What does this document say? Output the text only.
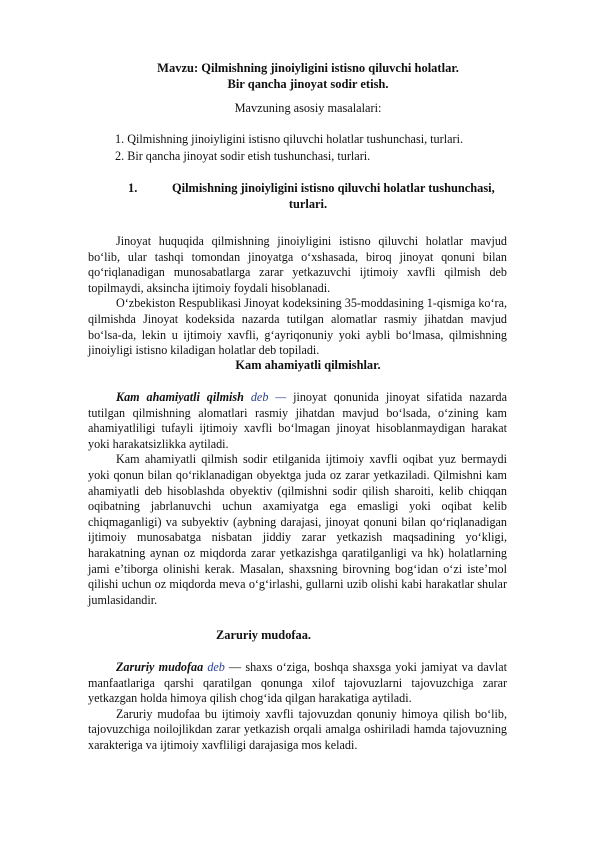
Mavzu: Qilmishning jinoiyligini istisno qiluvchi holatlar.
Bir qancha jinoyat sodir etish.
Mavzuning asosiy masalalari:
1. Qilmishning jinoiyligini istisno qiluvchi holatlar tushunchasi, turlari.
2. Bir qancha jinoyat sodir etish tushunchasi, turlari.
1.	Qilmishning jinoiyligini istisno qiluvchi holatlar tushunchasi,
turlari.

Jinoyat huquqida qilmishning jinoiyligini istisno qiluvchi holatlar mavjud bo‘lib, ular tashqi tomondan jinoyatga o‘xshasada, biroq jinoyat qonuni bilan qo‘riqlanadigan munosabatlarga zarar yetkazuvchi ijtimoiy xavfli qilmish deb topilmaydi, aksincha ijtimoiy foydali hisoblanadi.

O‘zbekiston Respublikasi Jinoyat kodeksining 35-moddasining 1-qismiga ko‘ra, qilmishda Jinoyat kodeksida nazarda tutilgan alomatlar rasmiy jihatdan mavjud bo‘lsa-da, lekin u ijtimoiy xavfli, g‘ayriqonuniy yoki aybli bo‘lmasa, qilmishning jinoiyligi istisno kiladigan holatlar deb topiladi.

Kam ahamiyatli qilmishlar.

Kam ahamiyatli qilmish deb — jinoyat qonunida jinoyat sifatida nazarda tutilgan qilmishning alomatlari rasmiy jihatdan mavjud bo‘lsada, o‘zining kam ahamiyatliligi tufayli ijtimoiy xavfli bo‘lmagan jinoyat hisoblanmaydigan harakat yoki harakatsizlikka aytiladi.

Kam ahamiyatli qilmish sodir etilganida ijtimoiy xavfli oqibat yuz bermaydi yoki qonun bilan qo‘riklanadigan obyektga juda oz zarar yetkaziladi. Qilmishni kam ahamiyatli deb hisoblashda obyektiv (qilmishni sodir qilish sharoiti, kelib chiqqan oqibatning jabrlanuvchi uchun axamiyatga ega emasligi yoki oqibat kelib chiqmaganligi) va subyektiv (aybning darajasi, jinoyat qonuni bilan qo‘riqlanadigan ijtimoiy munosabatga nisbatan jiddiy zarar yetkazish maqsadining yo‘kligi, harakatning aynan oz miqdorda zarar yetkazishga qaratilganligi va hk) holatlarning jami e’tiborga olinishi kerak. Masalan, shaxsning birovning bog‘idan o‘zi iste’mol qilishi uchun oz miqdorda meva o‘g‘irlashi, gullarni uzib olishi kabi harakatlar shular jumlasidandir.

Zaruriy mudofaa.

Zaruriy mudofaa deb — shaxs o‘ziga, boshqa shaxsga yoki jamiyat va davlat manfaatlariga qarshi qaratilgan qonunga xilof tajovuzlarni tajovuzchiga zarar yetkazgan holda himoya qilish chog‘ida qilgan harakatiga aytiladi.

Zaruriy mudofaa bu ijtimoiy xavfli tajovuzdan qonuniy himoya qilish bo‘lib, tajovuzchiga noilojlikdan zarar yetkazish orqali amalga oshiriladi hamda tajovuzning xarakteriga va ijtimoiy xavfliligi darajasiga mos keladi.
